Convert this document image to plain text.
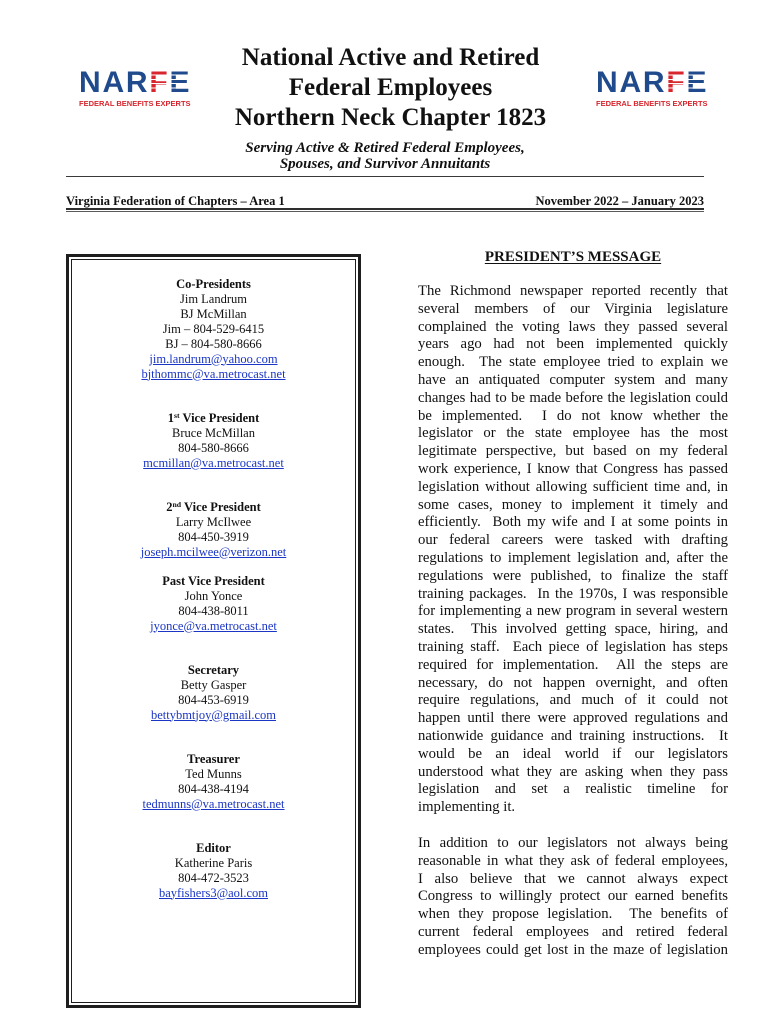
NARFE
FEDERAL BENEFITS EXPERTS
NARFE
FEDERAL BENEFITS EXPERTS
National Active and Retired
Federal Employees
Northern Neck Chapter 1823
Serving Active & Retired Federal Employees,
Spouses, and Survivor Annuitants
Virginia Federation of Chapters – Area 1	November 2022 – January 2023
Co-Presidents
Jim Landrum
BJ McMillan
Jim – 804-529-6415
BJ – 804-580-8666
jim.landrum@yahoo.com
bjthommc@va.metrocast.net
1st Vice President
Bruce McMillan
804-580-8666
mcmillan@va.metrocast.net
2nd Vice President
Larry McIlwee
804-450-3919
joseph.mcilwee@verizon.net
Past Vice President
John Yonce
804-438-8011
jyonce@va.metrocast.net
Secretary
Betty Gasper
804-453-6919
bettybmtjoy@gmail.com
Treasurer
Ted Munns
804-438-4194
tedmunns@va.metrocast.net
Editor
Katherine Paris
804-472-3523
bayfishers3@aol.com
PRESIDENT’S MESSAGE
The Richmond newspaper reported recently that
several members of our Virginia legislature
complained the voting laws they passed several
years ago had not been implemented quickly
enough.  The state employee tried to explain we
have an antiquated computer system and many
changes had to be made before the legislation could
be implemented.  I do not know whether the
legislator or the state employee has the most
legitimate perspective, but based on my federal
work experience, I know that Congress has passed
legislation without allowing sufficient time and, in
some cases, money to implement it timely and
efficiently.  Both my wife and I at some points in
our federal careers were tasked with drafting
regulations to implement legislation and, after the
regulations were published, to finalize the staff
training packages.  In the 1970s, I was responsible
for implementing a new program in several western
states.  This involved getting space, hiring, and
training staff.  Each piece of legislation has steps
required for implementation.  All the steps are
necessary, do not happen overnight, and often
require regulations, and much of it could not
happen until there were approved regulations and
nationwide guidance and training instructions.  It
would be an ideal world if our legislators
understood what they are asking when they pass
legislation and set a realistic timeline for
implementing it.
In addition to our legislators not always being
reasonable in what they ask of federal employees,
I also believe that we cannot always expect
Congress to willingly protect our earned benefits
when they propose legislation.  The benefits of
current federal employees and retired federal
employees could get lost in the maze of legislation
